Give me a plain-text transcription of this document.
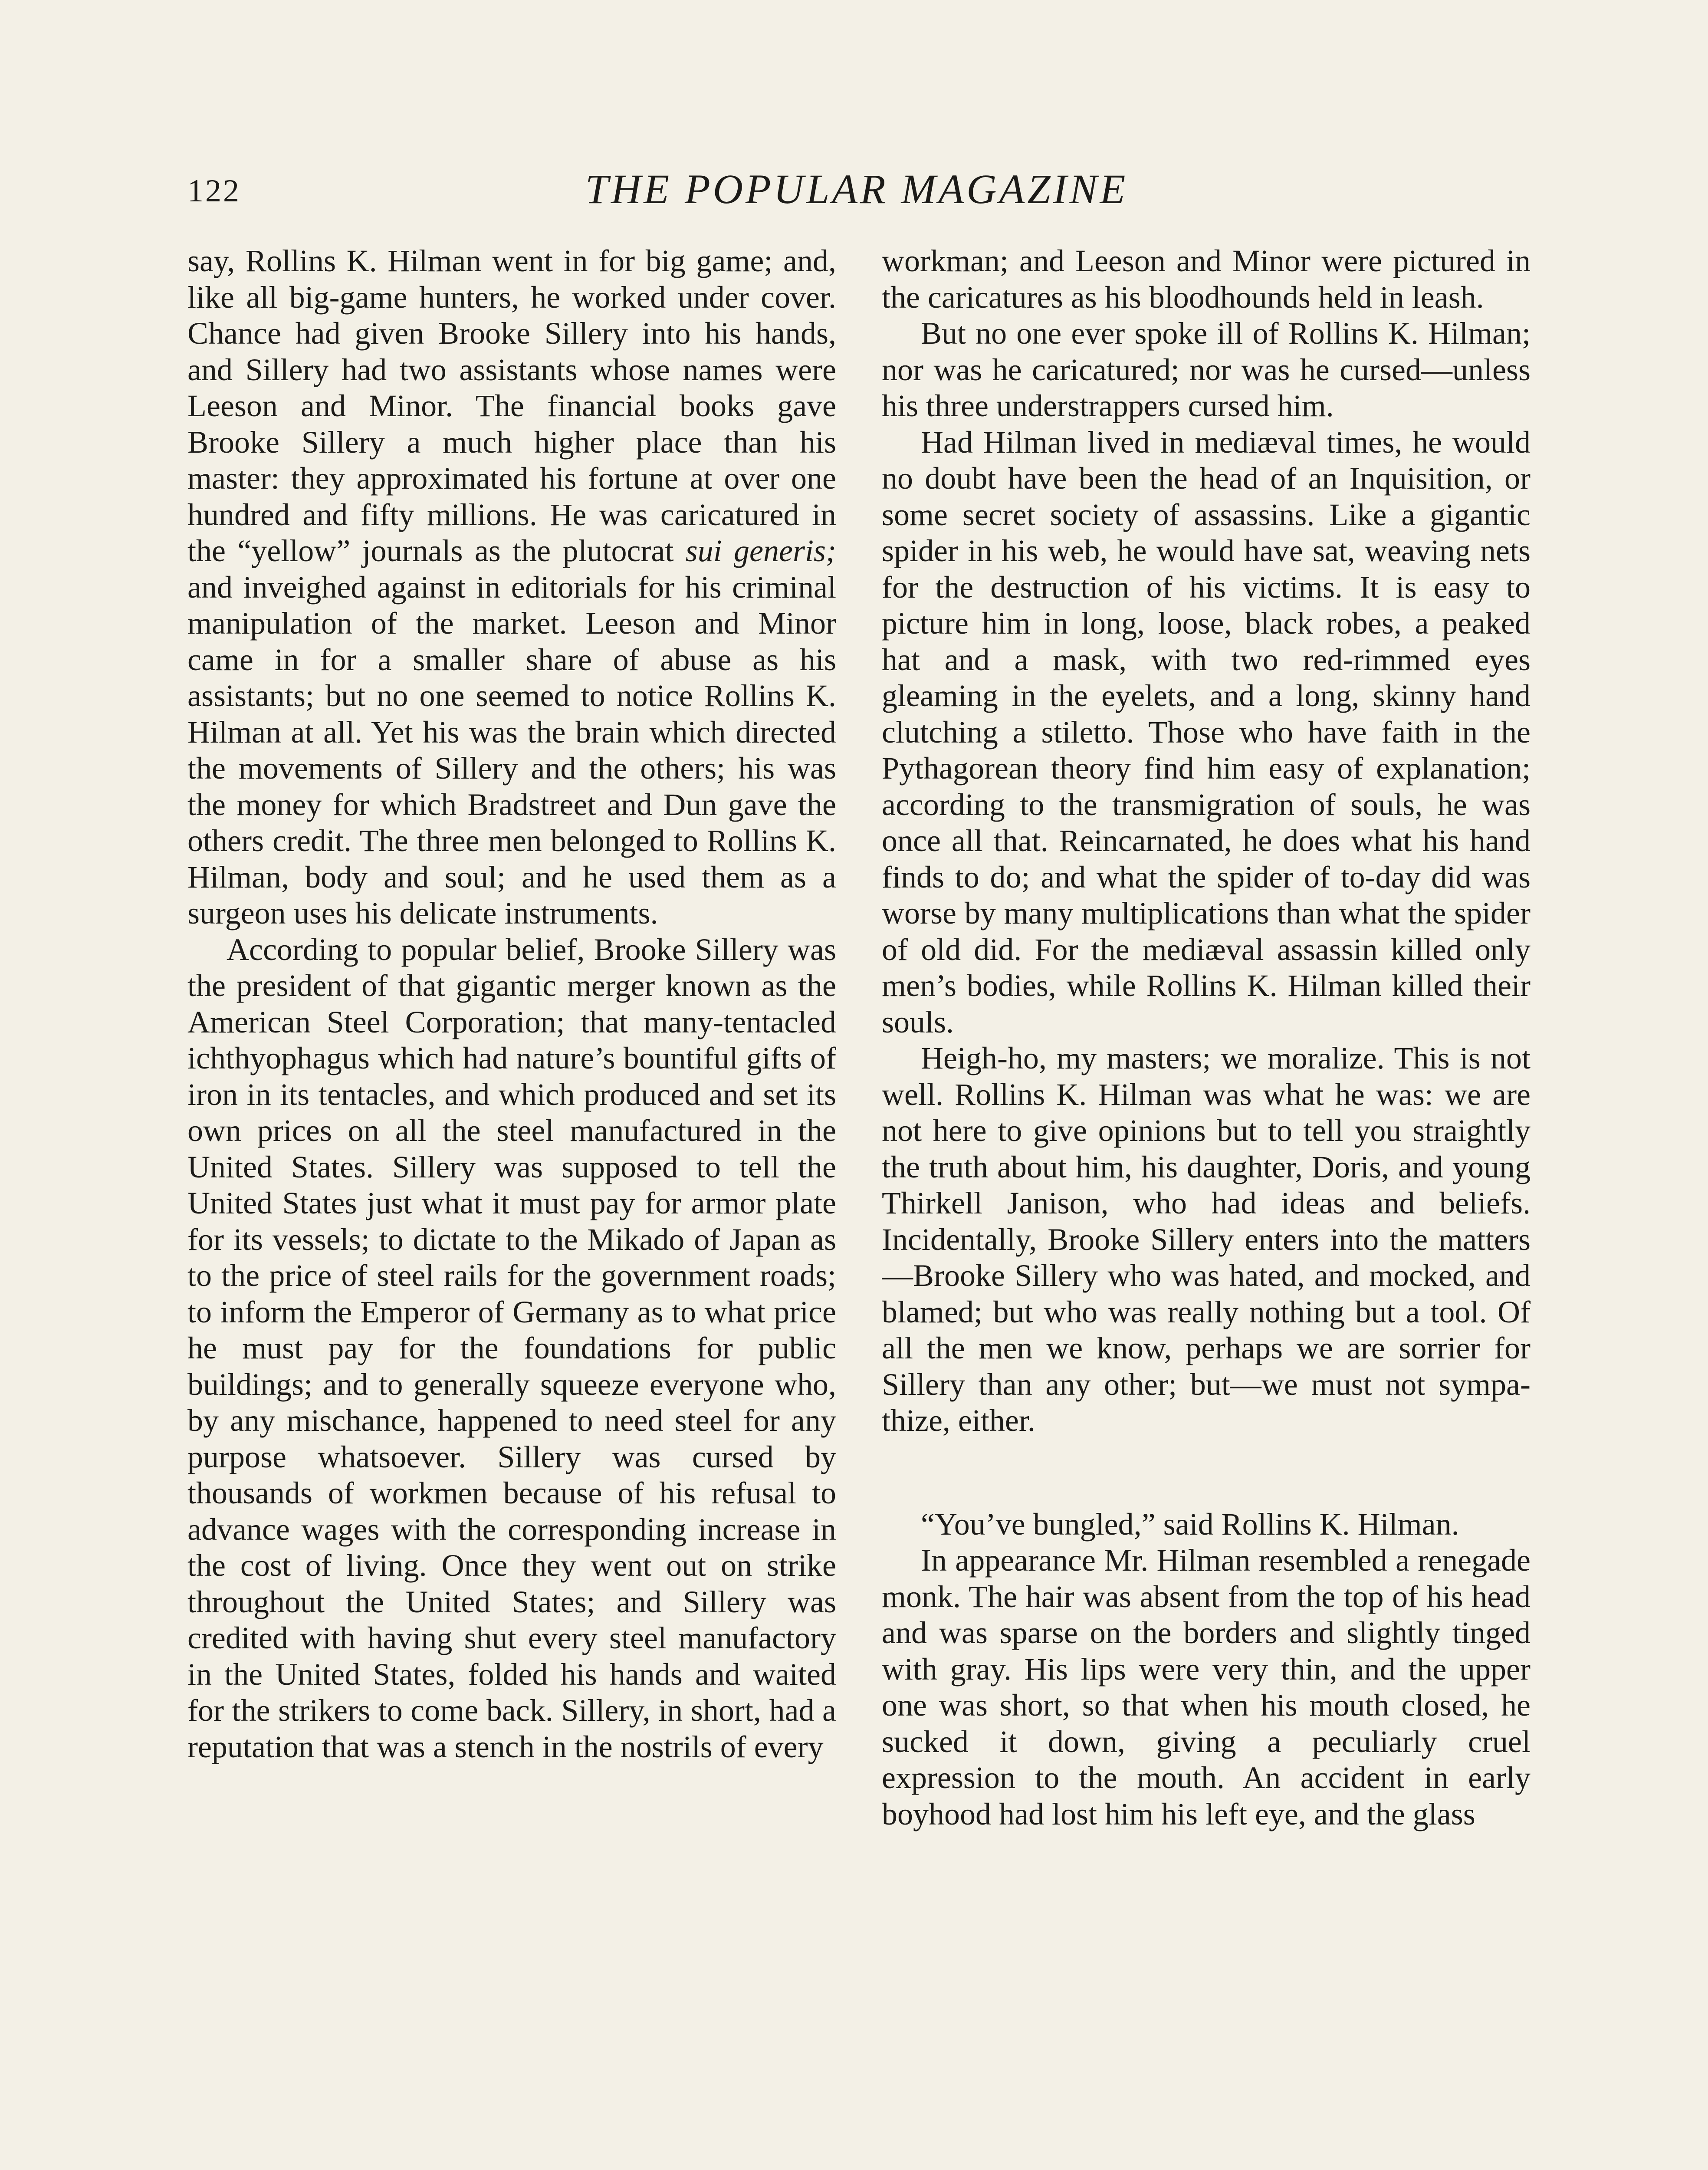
122	THE POPULAR MAGAZINE

say, Rollins K. Hilman went in for big game; and, like all big-game hunters, he worked under cover. Chance had given Brooke Sillery into his hands, and Sillery had two assistants whose names were Leeson and Minor. The financial books gave Brooke Sillery a much higher place than his master: they approximated his fortune at over one hundred and fifty millions. He was caricatured in the “yellow” journals as the plutocrat sui generis; and inveighed against in editorials for his criminal manipulation of the market. Leeson and Minor came in for a smaller share of abuse as his assistants; but no one seemed to notice Rollins K. Hilman at all. Yet his was the brain which directed the movements of Sillery and the others; his was the money for which Bradstreet and Dun gave the others credit. The three men belonged to Rollins K. Hilman, body and soul; and he used them as a surgeon uses his delicate instruments.

According to popular belief, Brooke Sillery was the president of that gigantic merger known as the American Steel Corporation; that many-tentacled ichthyophagus which had nature’s bountiful gifts of iron in its tentacles, and which produced and set its own prices on all the steel manufactured in the United States. Sillery was supposed to tell the United States just what it must pay for armor plate for its vessels; to dictate to the Mikado of Japan as to the price of steel rails for the government roads; to inform the Emperor of Germany as to what price he must pay for the foundations for public buildings; and to generally squeeze everyone who, by any mischance, happened to need steel for any purpose whatsoever. Sillery was cursed by thousands of workmen because of his refusal to advance wages with the corresponding increase in the cost of living. Once they went out on strike throughout the United States; and Sillery was credited with having shut every steel manufactory in the United States, folded his hands and waited for the strikers to come back. Sillery, in short, had a reputation that was a stench in the nostrils of every

workman; and Leeson and Minor were pictured in the caricatures as his bloodhounds held in leash.

But no one ever spoke ill of Rollins K. Hilman; nor was he caricatured; nor was he cursed—unless his three understrappers cursed him.

Had Hilman lived in mediæval times, he would no doubt have been the head of an Inquisition, or some secret society of assassins. Like a gigantic spider in his web, he would have sat, weaving nets for the destruction of his victims. It is easy to picture him in long, loose, black robes, a peaked hat and a mask, with two red-rimmed eyes gleaming in the eyelets, and a long, skinny hand clutching a stiletto. Those who have faith in the Pythagorean theory find him easy of explanation; according to the transmigration of souls, he was once all that. Reincarnated, he does what his hand finds to do; and what the spider of to-day did was worse by many multiplications than what the spider of old did. For the mediæval assassin killed only men’s bodies, while Rollins K. Hilman killed their souls.

Heigh-ho, my masters; we moralize. This is not well. Rollins K. Hilman was what he was: we are not here to give opinions but to tell you straightly the truth about him, his daughter, Doris, and young Thirkell Janison, who had ideas and beliefs. Incidentally, Brooke Sillery enters into the matters—Brooke Sillery who was hated, and mocked, and blamed; but who was really nothing but a tool. Of all the men we know, perhaps we are sorrier for Sillery than any other; but—we must not sympathize, either.

“You’ve bungled,” said Rollins K. Hilman.

In appearance Mr. Hilman resembled a renegade monk. The hair was absent from the top of his head and was sparse on the borders and slightly tinged with gray. His lips were very thin, and the upper one was short, so that when his mouth closed, he sucked it down, giving a peculiarly cruel expression to the mouth. An accident in early boyhood had lost him his left eye, and the glass
